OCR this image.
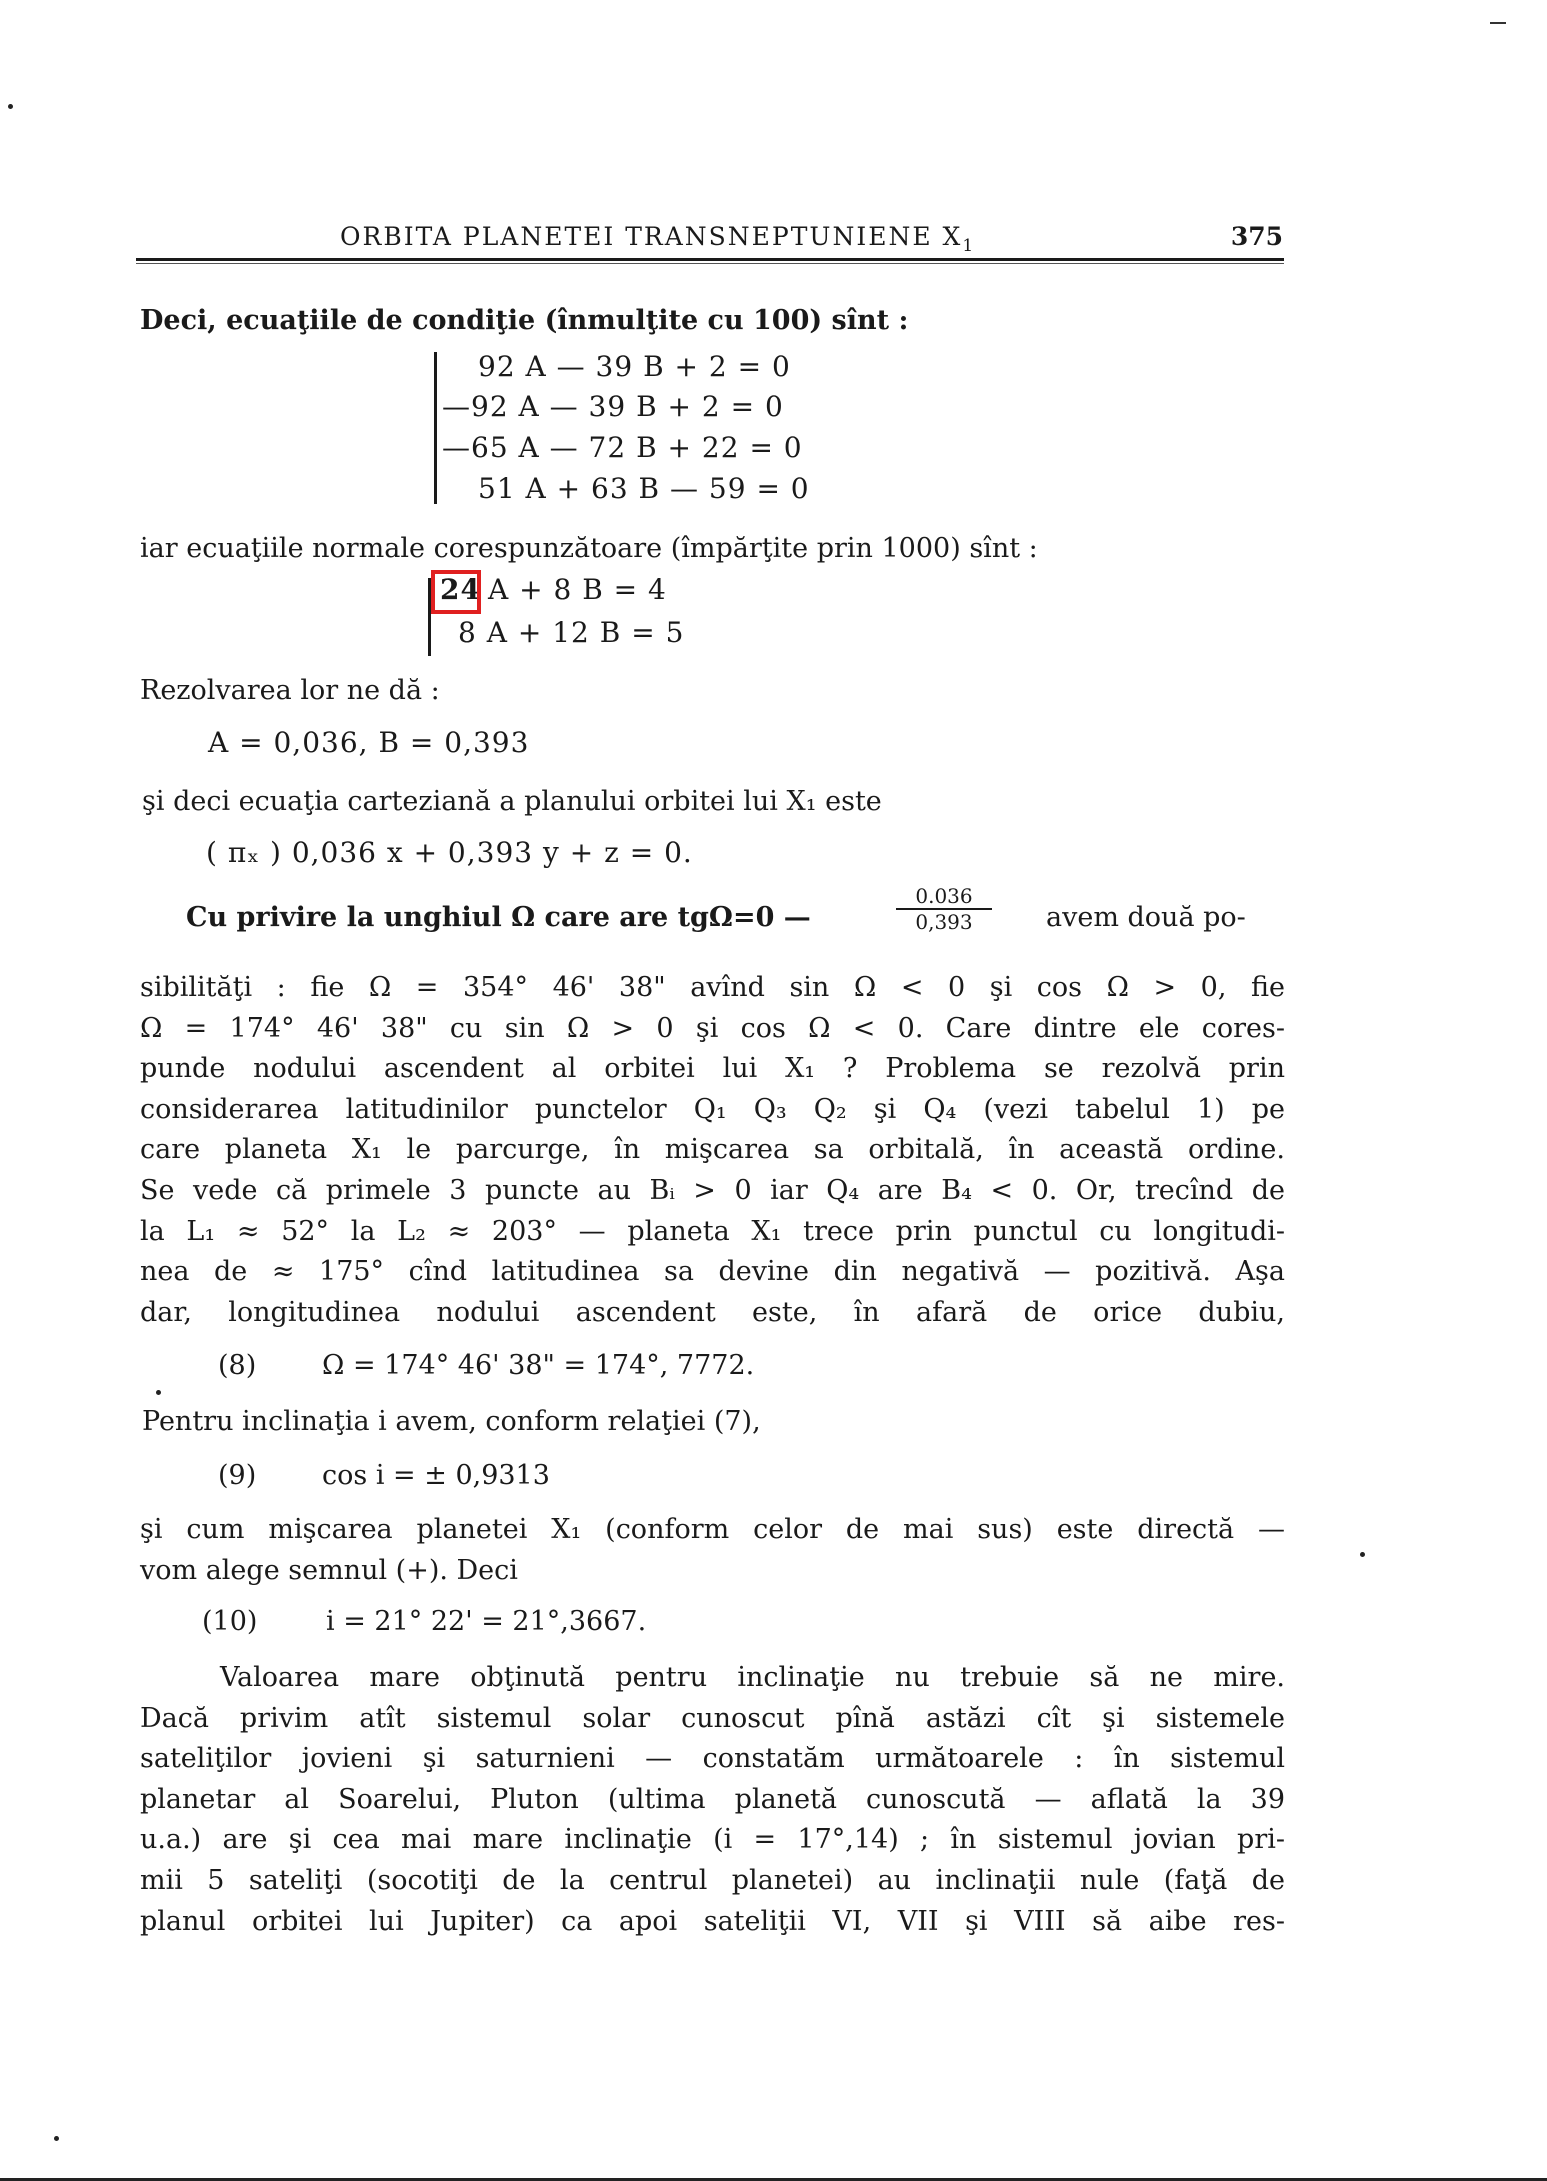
ORBITA PLANETEI TRANSNEPTUNIENE $X_1$	375
Deci, ecuaţiile de condiţie (înmulţite cu 100) sînt :
92 A — 39 B + 2 = 0
—92 A — 39 B + 2 = 0
—65 A — 72 B + 22 = 0
51 A + 63 B — 59 = 0
iar ecuaţiile normale corespunzătoare (împărţite prin 1000) sînt :
24 A + 8 B = 4
8 A + 12 B = 5
Rezolvarea lor ne dă :
A = 0,036, B = 0,393
şi deci ecuaţia carteziană a planului orbitei lui X₁ este
( πₓ ) 0,036 x + 0,393 y + z = 0.
Cu privire la unghiul Ω care are tgΩ=0 —	$\frac{0.036}{0,393}$ avem două po-
sibilităţi : fie Ω = 354° 46' 38" avînd sin Ω < 0 şi cos Ω > 0, fie
Ω = 174° 46' 38" cu sin Ω > 0 şi cos Ω < 0. Care dintre ele cores-
punde nodului ascendent al orbitei lui X₁ ? Problema se rezolvă prin
considerarea latitudinilor punctelor Q₁ Q₃ Q₂ şi Q₄ (vezi tabelul 1) pe
care planeta X₁ le parcurge, în mişcarea sa orbitală, în această ordine.
Se vede că primele 3 puncte au Bᵢ > 0 iar Q₄ are B₄ < 0. Or, trecînd de
la L₁ ≈ 52° la L₂ ≈ 203° — planeta X₁ trece prin punctul cu longitudi-
nea de ≈ 175° cînd latitudinea sa devine din negativă — pozitivă. Aşa
dar, longitudinea nodului ascendent este, în afară de orice dubiu,
(8) Ω = 174° 46' 38" = 174°, 7772.
Pentru inclinaţia i avem, conform relaţiei (7),
(9) cos i = ± 0,9313
şi cum mişcarea planetei X₁ (conform celor de mai sus) este directă —
vom alege semnul (+). Deci
(10)	i = 21° 22' = 21°,3667.
Valoarea mare obţinută pentru inclinaţie nu trebuie să ne mire.
Dacă privim atît sistemul solar cunoscut pînă astăzi cît şi sistemele
sateliţilor jovieni şi saturnieni — constatăm următoarele : în sistemul
planetar al Soarelui, Pluton (ultima planetă cunoscută — aflată la 39
u.a.) are şi cea mai mare inclinaţie (i = 17°,14) ; în sistemul jovian pri-
mii 5 sateliţi (socotiţi de la centrul planetei) au inclinaţii nule (faţă de
planul orbitei lui Jupiter) ca apoi sateliţii VI, VII şi VIII să aibe res-
